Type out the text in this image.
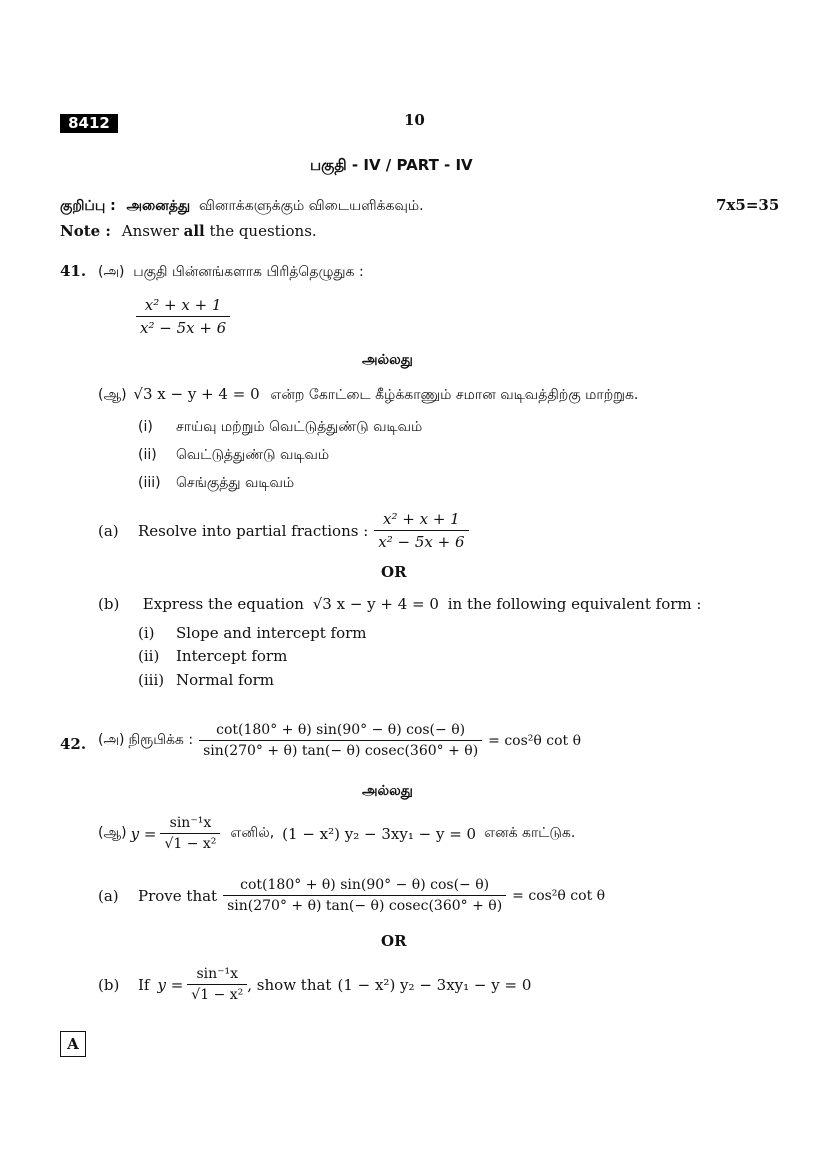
8412	10
பகுதி - IV / PART - IV
குறிப்பு : அனைத்து வினாக்களுக்கும் விடையளிக்கவும்.	7x5=35
Note : Answer all the questions.
41. (அ) பகுதி பின்னங்களாக பிரித்தெழுதுக :
$\frac{\text{x² + x + 1}}{\text{x² − 5x + 6}}$
அல்லது
(ஆ) √3 x − y + 4 = 0 என்ற கோட்டை கீழ்க்காணும் சமான வடிவத்திற்கு மாற்றுக.
(i) சாய்வு மற்றும் வெட்டுத்துண்டு வடிவம்
(ii) வெட்டுத்துண்டு வடிவம்
(iii) செங்குத்து வடிவம்
(a)	Resolve into partial fractions : $\frac{\text{x² + x + 1}}{\text{x² − 5x + 6}}$
OR
(b) Express the equation √3 x − y + 4 = 0 in the following equivalent form :
(i) Slope and intercept form
(ii) Intercept form
(iii) Normal form
42. (அ) நிரூபிக்க : $\frac{\cot(180^\circ + \theta) \sin(90^\circ - \theta) \cos(- \theta)}{\sin(270^\circ + \theta) \tan(- \theta) cosec(360^\circ + \theta)} = \cos^2\theta$ cot θ
அல்லது
(ஆ) $y = \frac{\text{sin⁻¹x}}{\text{√1 − x²}}$ எனில், (1 − x²) y₂ − 3xy₁ − y = 0 எனக் காட்டுக.
(a)	Prove that $\frac{\cot(180^\circ + \theta) \sin(90^\circ - \theta) \cos(- \theta)}{\sin(270^\circ + \theta) \tan(- \theta) cosec(360^\circ + \theta)} = \cos^2\theta$ cot θ
OR
(b)	If $y = \frac{\text{sin⁻¹x}}{\text{√1 − x²}}$ , show that (1 − x²) y₂ − 3xy₁ − y = 0
A
